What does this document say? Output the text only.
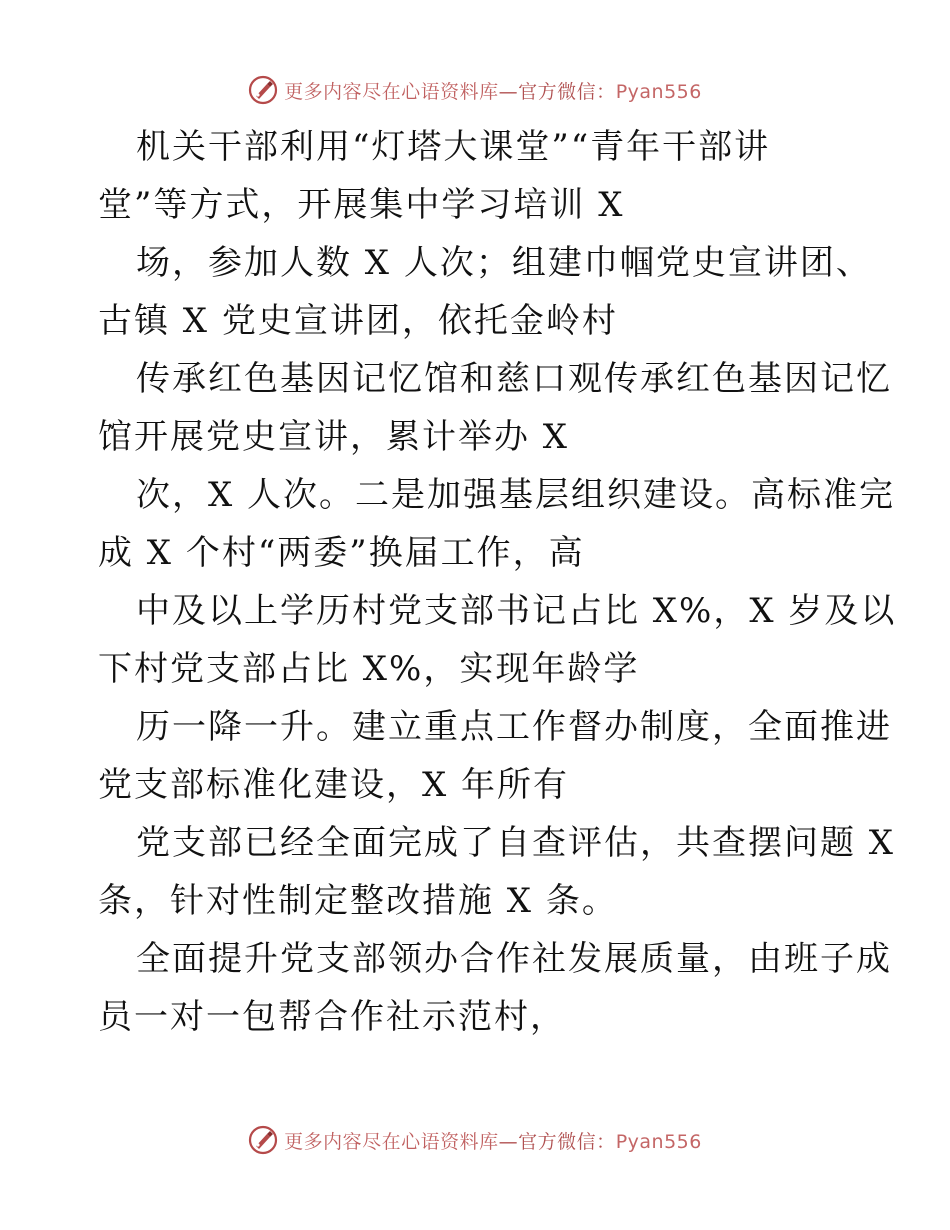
更多内容尽在心语资料库—官方微信：Pyan556
机关干部利用“灯塔大课堂”“青年干部讲
堂”等方式，开展集中学习培训 X
场，参加人数 X 人次；组建巾帼党史宣讲团、
古镇 X 党史宣讲团，依托金岭村
传承红色基因记忆馆和慈口观传承红色基因记忆
馆开展党史宣讲，累计举办 X
次，X 人次。二是加强基层组织建设。高标准完
成 X 个村“两委”换届工作，高
中及以上学历村党支部书记占比 X%，X 岁及以
下村党支部占比 X%，实现年龄学
历一降一升。建立重点工作督办制度，全面推进
党支部标准化建设，X 年所有
党支部已经全面完成了自查评估，共查摆问题 X
条，针对性制定整改措施 X 条。
全面提升党支部领办合作社发展质量，由班子成
员一对一包帮合作社示范村，
更多内容尽在心语资料库—官方微信：Pyan556
